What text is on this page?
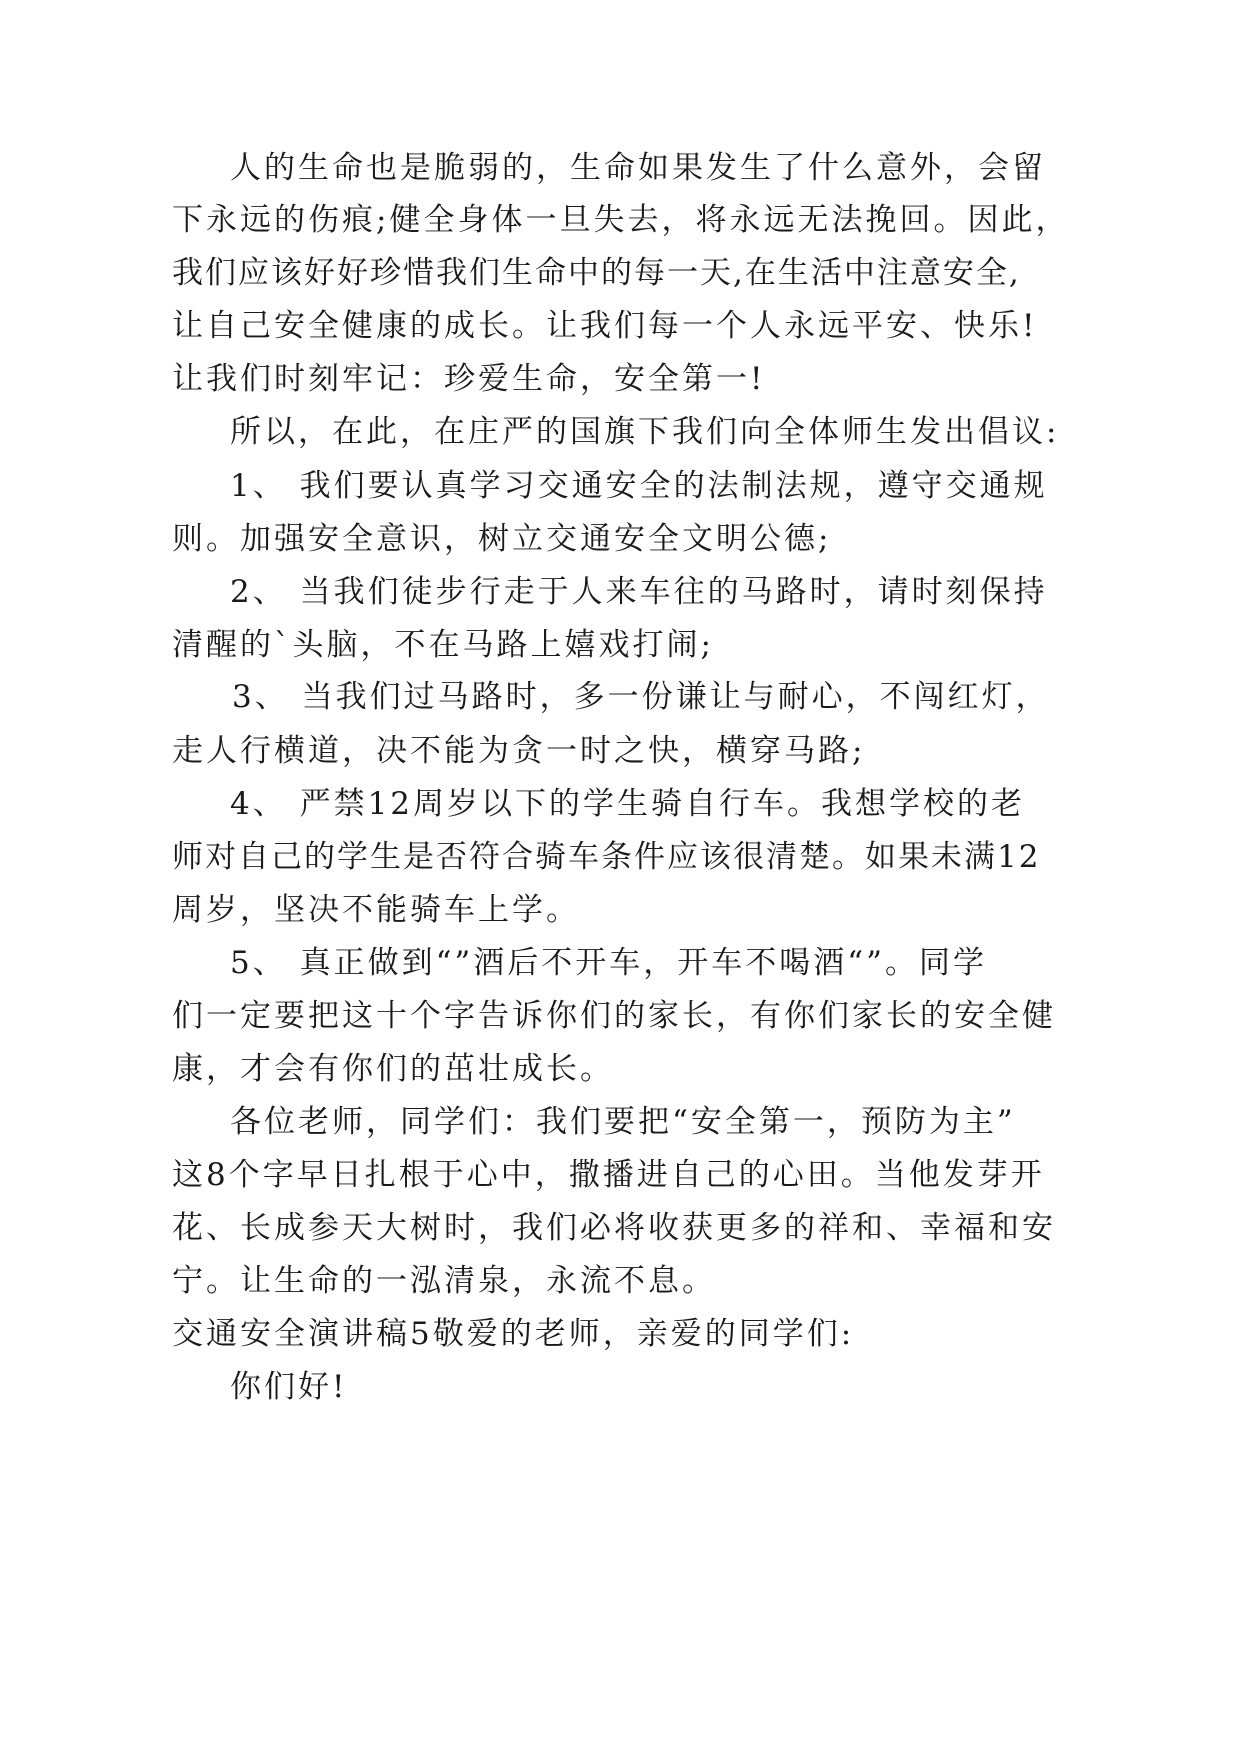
人的生命也是脆弱的，生命如果发生了什么意外，会留
下永远的伤痕;健全身体一旦失去，将永远无法挽回。因此，
我们应该好好珍惜我们生命中的每一天,在生活中注意安全,
让自己安全健康的成长。让我们每一个人永远平安、快乐!
让我们时刻牢记：珍爱生命，安全第一!
所以，在此，在庄严的国旗下我们向全体师生发出倡议:
1、 我们要认真学习交通安全的法制法规，遵守交通规
则。加强安全意识，树立交通安全文明公德;
2、 当我们徒步行走于人来车往的马路时，请时刻保持
清醒的`头脑，不在马路上嬉戏打闹;
3、 当我们过马路时，多一份谦让与耐心，不闯红灯，
走人行横道，决不能为贪一时之快，横穿马路;
4、 严禁12周岁以下的学生骑自行车。我想学校的老
师对自己的学生是否符合骑车条件应该很清楚。如果未满12
周岁，坚决不能骑车上学。
5、 真正做到“”酒后不开车，开车不喝酒“”。同学
们一定要把这十个字告诉你们的家长，有你们家长的安全健
康，才会有你们的茁壮成长。
各位老师，同学们：我们要把“安全第一，预防为主”
这8个字早日扎根于心中，撒播进自己的心田。当他发芽开
花、长成参天大树时，我们必将收获更多的祥和、幸福和安
宁。让生命的一泓清泉，永流不息。
交通安全演讲稿5敬爱的老师，亲爱的同学们:
你们好!
